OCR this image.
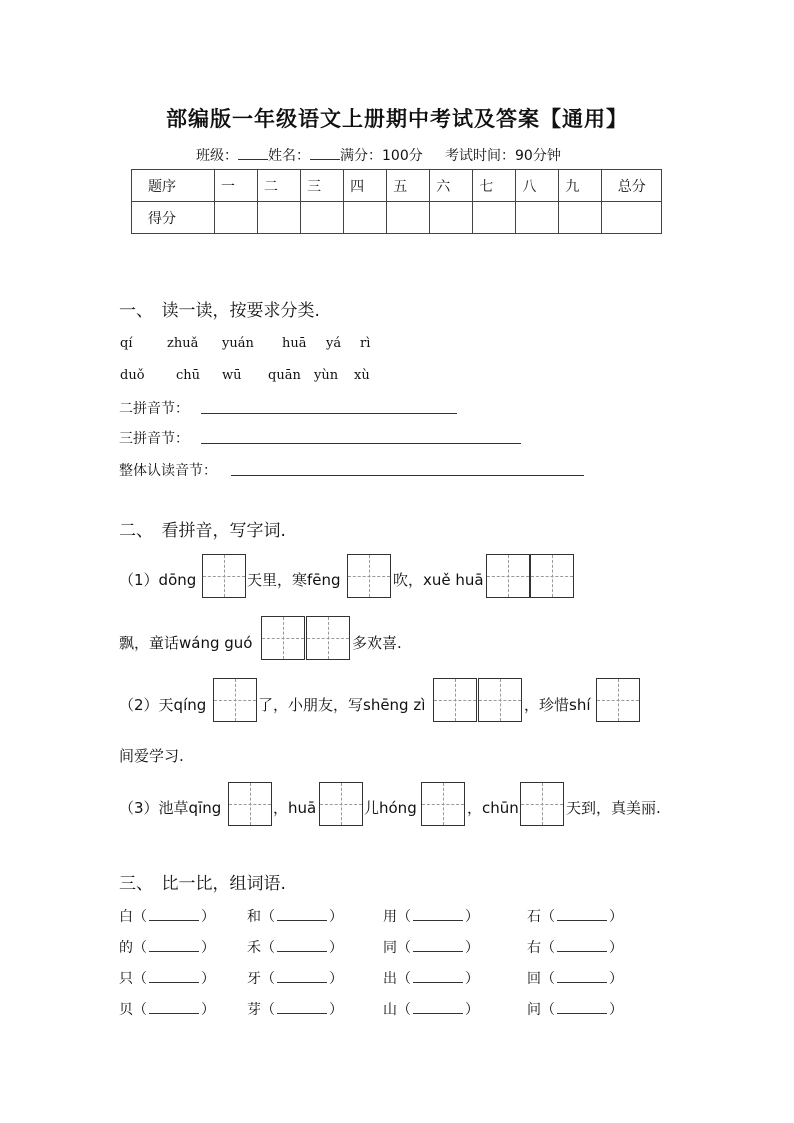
部编版一年级语文上册期中考试及答案【通用】
班级： 姓名： 满分：100分 考试时间：90分钟
题序	一	二	三	四	五	六	七	八	九	总分
得分										
一、　读一读，按要求分类.
qí	zhuǎ yuán huā yá rì
duǒ chū wū quān yùn xù
二拼音节：
三拼音节：
整体认读音节：
二、　看拼音，写字词.
（1）dōng	天里，寒fēng	吹，xuě huā
飘，童话wáng guó	多欢喜.
（2）天qíng	了，小朋友，写shēng zì	，珍惜shí
间爱学习.
（3）池草qīng	，huā	儿hóng	，chūn	天到，真美丽.
三、　比一比，组词语.
白（	） 和（	）	用（	）	石（	）
的（	） 禾（	）	同（	）	右（	）
只（	） 牙（	）	出（	）	回（	）
贝（	） 芽（	）	山（	）	问（	）
